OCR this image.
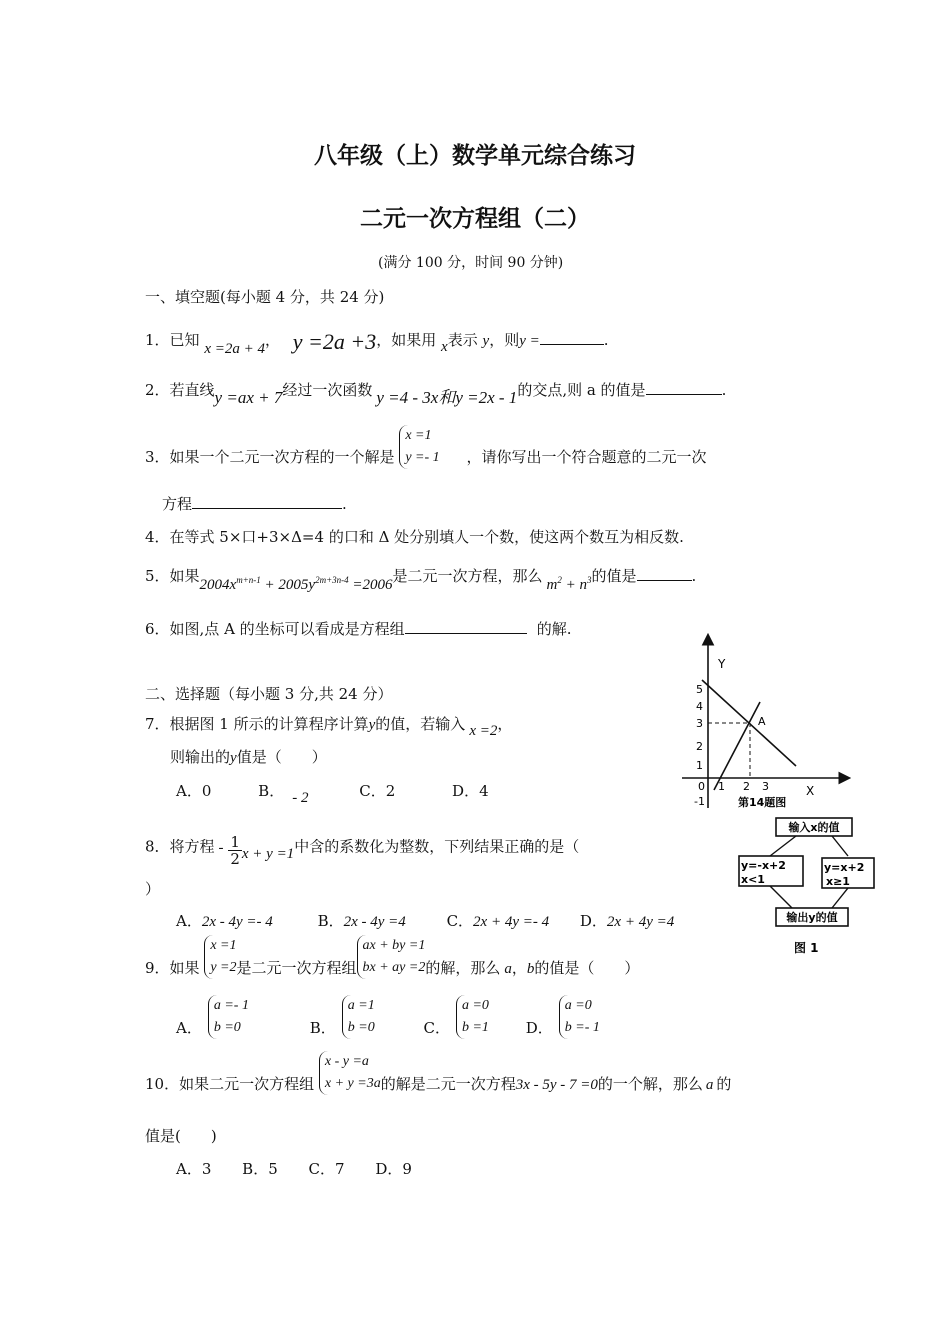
八年级（上）数学单元综合练习
二元一次方程组（二）
(满分 100 分，时间 90 分钟)
一、填空题(每小题 4 分，共 24 分)
1．已知 x =2a + 4， y =2a +3，如果用 x表示 y，则y =	.
2．若直线y =ax + 7经过一次函数 y =4 - 3x和y =2x - 1的交点,则 a 的值是	.
3．如果一个二元一次方程的一个解是 x =1
y =- 1 ，请你写出一个符合题意的二元一次
方程	.
4．在等式 5×口+3×Δ=4 的口和 Δ 处分别填人一个数，使这两个数互为相反数.
5．如果$2004x^{m+n-1} + 2005y^{2m+3n-4} =2006$是二元一次方程，那么 $m^2 + n^3$的值是	.
6．如图,点 A 的坐标可以看成是方程组	的解.
二、选择题（每小题 3 分,共 24 分）
7．根据图 1 所示的计算程序计算y的值，若输入 x =2，
则输出的y值是（　　）
A．0	B． - 2	C．2	D．4
8．将方程 - $\frac{1}{2}$ x + y =1中含的系数化为整数，下列结果正确的是（
）
A．2x - 4y =- 4	B．2x - 4y =4	C．2x + 4y =- 4 D．2x + 4y =4
9．如果 x =1
y =2是二元一次方程组ax + by =1
bx + ay =2的解，那么 a，b的值是（　　）
A．a =- 1
b =0	B．a =1
b =0	C．a =0
b =1 D．a =0
b =- 1
10．如果二元一次方程组 x - y =a
x + y =3a的解是二元一次方程3x - 5y - 7 =0的一个解，那么 a 的
值是(　　)
A．3 B．5 C．7 D．9
Y
X
A
5
4
3
2
1
0 1 2 3
-1	第14题图
输入x的值
y=-x+2
x<1
y=x+2
x≥1
输出y的值
图 1
